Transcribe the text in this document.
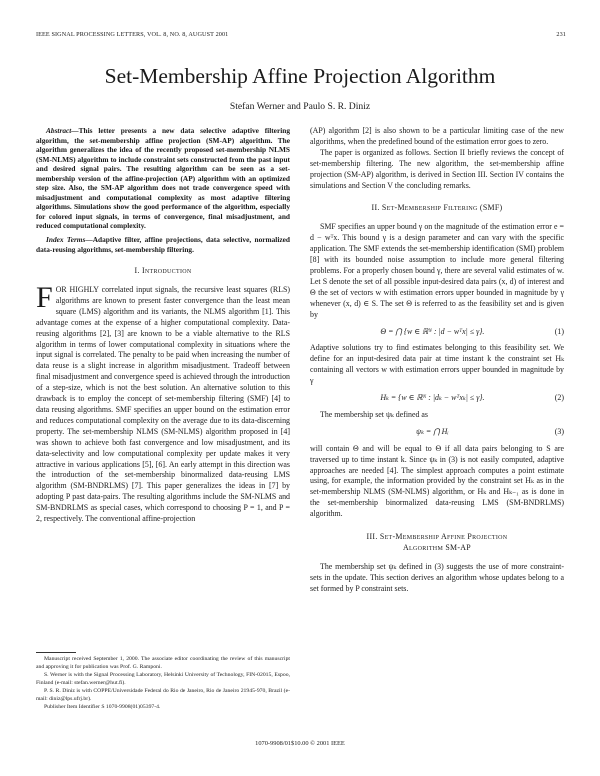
IEEE SIGNAL PROCESSING LETTERS, VOL. 8, NO. 8, AUGUST 2001	231
Set-Membership Affine Projection Algorithm
Stefan Werner and Paulo S. R. Diniz

Abstract—This letter presents a new data selective adaptive filtering algorithm, the set-membership affine projection (SM-AP) algorithm. The algorithm generalizes the idea of the recently proposed set-membership NLMS (SM-NLMS) algorithm to include constraint sets constructed from the past input and desired signal pairs. The resulting algorithm can be seen as a set-membership version of the affine-projection (AP) algorithm with an optimized step size. Also, the SM-AP algorithm does not trade convergence speed with misadjustment and computational complexity as most adaptive filtering algorithms. Simulations show the good performance of the algorithm, especially for colored input signals, in terms of convergence, final misadjustment, and reduced computational complexity.

Index Terms—Adaptive filter, affine projections, data selective, normalized data-reusing algorithms, set-membership filtering.

I. Introduction

FOR HIGHLY correlated input signals, the recursive least squares (RLS) algorithms are known to present faster convergence than the least mean square (LMS) algorithm and its variants, the NLMS algorithm [1]. This advantage comes at the expense of a higher computational complexity. Data-reusing algorithms [2], [3] are known to be a viable alternative to the RLS algorithm in terms of lower computational complexity in situations where the input signal is correlated. The penalty to be paid when increasing the number of data reuse is a slight increase in algorithm misadjustment. Tradeoff between final misadjustment and convergence speed is achieved through the introduction of a step-size, which is not the best solution. An alternative solution to this drawback is to employ the concept of set-membership filtering (SMF) [4] to data reusing algorithms. SMF specifies an upper bound on the estimation error and reduces computational complexity on the average due to its data-discerning property. The set-membership NLMS (SM-NLMS) algorithm proposed in [4] was shown to achieve both fast convergence and low misadjustment, and its data-selectivity and low computational complexity per update makes it very attractive in various applications [5], [6]. An early attempt in this direction was the introduction of the set-membership binormalized data-reusing LMS algorithm (SM-BNDRLMS) [7]. This paper generalizes the ideas in [7] by adopting P past data-pairs. The resulting algorithms include the SM-NLMS and SM-BNDRLMS as special cases, which correspond to choosing P = 1, and P = 2, respectively. The conventional affine-projection

Manuscript received September 1, 2000. The associate editor coordinating the review of this manuscript and approving it for publication was Prof. G. Ramponi.

S. Werner is with the Signal Processing Laboratory, Helsinki University of Technology, FIN-02015, Espoo, Finland (e-mail: stefan.werner@hut.fi).

P. S. R. Diniz is with COPPE/Universidade Federal do Rio de Janeiro, Rio de Janeiro 21945-970, Brazil (e-mail: diniz@lps.ufrj.br).

Publisher Item Identifier S 1070-9908(01)05397-4.

(AP) algorithm [2] is also shown to be a particular limiting case of the new algorithms, when the predefined bound of the estimation error goes to zero.

The paper is organized as follows. Section II briefly reviews the concept of set-membership filtering. The new algorithm, the set-membership affine projection (SM-AP) algorithm, is derived in Section III. Section IV contains the simulations and Section V the concluding remarks.

II. Set-Membership Filtering (SMF)

SMF specifies an upper bound γ on the magnitude of the estimation error e = d − wᵀx. This bound γ is a design parameter and can vary with the specific application. The SMF extends the set-membership identification (SMI) problem [8] with its bounded noise assumption to include more general filtering problems. For a properly chosen bound γ, there are several valid estimates of w. Let S denote the set of all possible input-desired data pairs (x, d) of interest and Θ the set of vectors w with estimation errors upper bounded in magnitude by γ whenever (x, d) ∈ S. The set Θ is referred to as the feasibility set and is given by

Θ = ⋂ {w ∈ ℝᴺ : |d − wᵀx| ≤ γ}.	(1)

Adaptive solutions try to find estimates belonging to this feasibility set. We define for an input-desired data pair at time instant k the constraint set Hₖ containing all vectors w with estimation errors upper bounded in magnitude by γ

Hₖ = {w ∈ ℝᴺ : |dₖ − wᵀxₖ| ≤ γ}.	(2)

The membership set ψₖ defined as

ψₖ = ⋂ Hᵢ	(3)

will contain Θ and will be equal to Θ if all data pairs belonging to S are traversed up to time instant k. Since ψₖ in (3) is not easily computed, adaptive approaches are needed [4]. The simplest approach computes a point estimate using, for example, the information provided by the constraint set Hₖ as in the set-membership NLMS (SM-NLMS) algorithm, or Hₖ and Hₖ₋₁ as is done in the set-membership binormalized data-reusing LMS (SM-BNDRLMS) algorithm.

III. Set-Membership Affine Projection

Algorithm SM-AP

The membership set ψₖ defined in (3) suggests the use of more constraint-sets in the update. This section derives an algorithm whose updates belong to a set formed by P constraint sets.

1070-9908/01$10.00 © 2001 IEEE
